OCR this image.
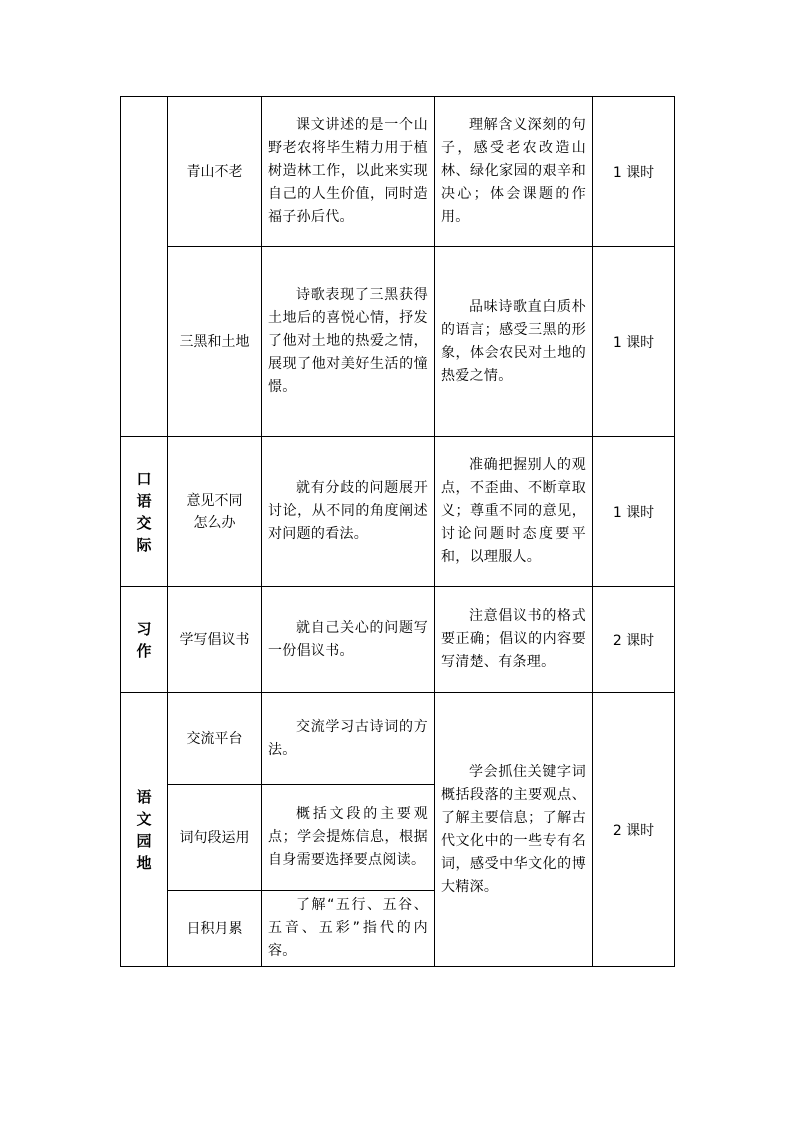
	青山不老	课文讲述的是一个山野老农将毕生精力用于植树造林工作，以此来实现自己的人生价值，同时造福子孙后代。	理解含义深刻的句子，感受老农改造山林、绿化家园的艰辛和决心；体会课题的作用。	1 课时
	三黑和土地	诗歌表现了三黑获得土地后的喜悦心情，抒发了他对土地的热爱之情，展现了他对美好生活的憧憬。	品味诗歌直白质朴的语言；感受三黑的形象，体会农民对土地的热爱之情。	1 课时

口语交际	意见不同怎么办	就有分歧的问题展开讨论，从不同的角度阐述对问题的看法。	准确把握别人的观点，不歪曲、不断章取义；尊重不同的意见，讨论问题时态度要平和，以理服人。	1 课时

习作	学写倡议书	就自己关心的问题写一份倡议书。	注意倡议书的格式要正确；倡议的内容要写清楚、有条理。	2 课时

语文园地	交流平台	交流学习古诗词的方法。	学会抓住关键字词概括段落的主要观点、了解主要信息；了解古代文化中的一些专有名词，感受中华文化的博大精深。	2 课时
	词句段运用	概括文段的主要观点；学会提炼信息，根据自身需要选择要点阅读。		
	日积月累	了解“五行、五谷、五音、五彩”指代的内容。		
